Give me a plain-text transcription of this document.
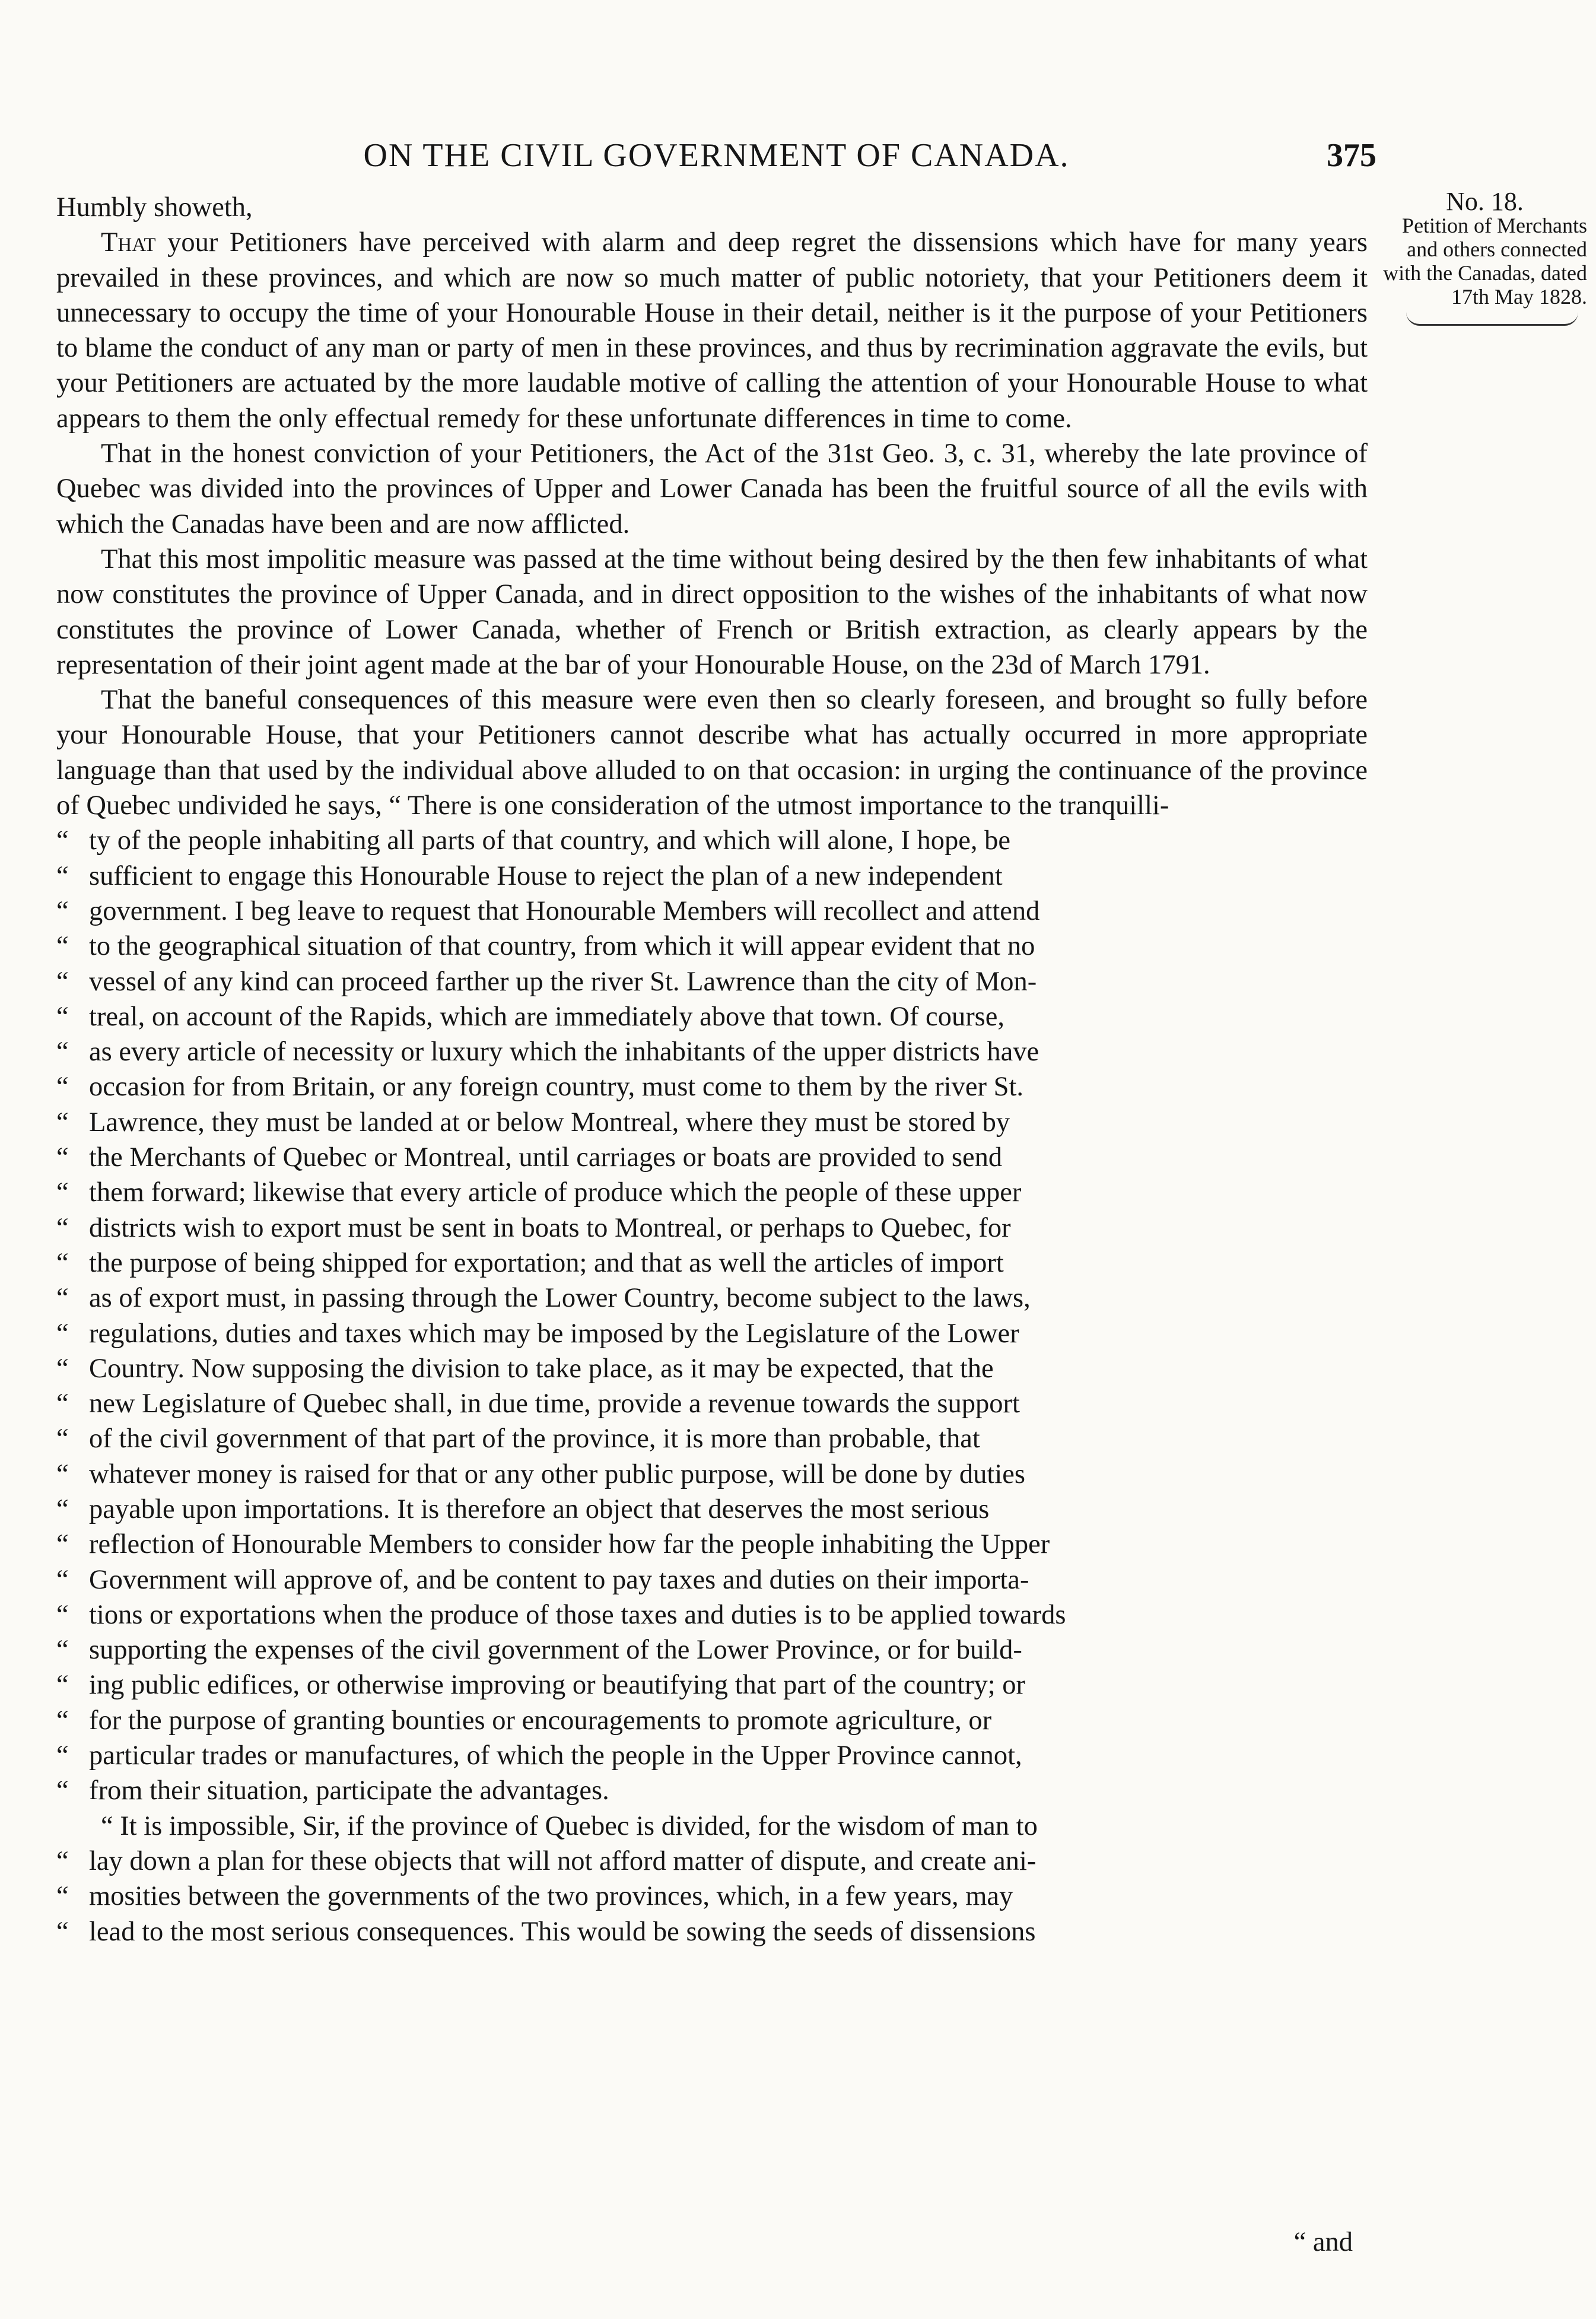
ON THE CIVIL GOVERNMENT OF CANADA.	375
No. 18.
Petition of Merchants and others connected with the Canadas, dated 17th May 1828.

Humbly showeth,

That your Petitioners have perceived with alarm and deep regret the dissensions which have for many years prevailed in these provinces, and which are now so much matter of public notoriety, that your Petitioners deem it unnecessary to occupy the time of your Honourable House in their detail, neither is it the purpose of your Petitioners to blame the conduct of any man or party of men in these provinces, and thus by recrimination aggravate the evils, but your Petitioners are actuated by the more laudable motive of calling the attention of your Honourable House to what appears to them the only effectual remedy for these unfortunate differences in time to come.

That in the honest conviction of your Petitioners, the Act of the 31st Geo. 3, c. 31, whereby the late province of Quebec was divided into the provinces of Upper and Lower Canada has been the fruitful source of all the evils with which the Canadas have been and are now afflicted.

That this most impolitic measure was passed at the time without being desired by the then few inhabitants of what now constitutes the province of Upper Canada, and in direct opposition to the wishes of the inhabitants of what now constitutes the province of Lower Canada, whether of French or British extraction, as clearly appears by the representation of their joint agent made at the bar of your Honourable House, on the 23d of March 1791.

That the baneful consequences of this measure were even then so clearly foreseen, and brought so fully before your Honourable House, that your Petitioners cannot describe what has actually occurred in more appropriate language than that used by the individual above alluded to on that occasion: in urging the continuance of the province of Quebec undivided he says, “ There is one consideration of the utmost importance to the tranquilli-

“ ty of the people inhabiting all parts of that country, and which will alone, I hope, be
“ sufficient to engage this Honourable House to reject the plan of a new independent
“ government. I beg leave to request that Honourable Members will recollect and attend
“ to the geographical situation of that country, from which it will appear evident that no
“ vessel of any kind can proceed farther up the river St. Lawrence than the city of Mon-
“ treal, on account of the Rapids, which are immediately above that town. Of course,
“ as every article of necessity or luxury which the inhabitants of the upper districts have
“ occasion for from Britain, or any foreign country, must come to them by the river St.
“ Lawrence, they must be landed at or below Montreal, where they must be stored by
“ the Merchants of Quebec or Montreal, until carriages or boats are provided to send
“ them forward; likewise that every article of produce which the people of these upper
“ districts wish to export must be sent in boats to Montreal, or perhaps to Quebec, for
“ the purpose of being shipped for exportation; and that as well the articles of import
“ as of export must, in passing through the Lower Country, become subject to the laws,
“ regulations, duties and taxes which may be imposed by the Legislature of the Lower
“ Country. Now supposing the division to take place, as it may be expected, that the
“ new Legislature of Quebec shall, in due time, provide a revenue towards the support
“ of the civil government of that part of the province, it is more than probable, that
“ whatever money is raised for that or any other public purpose, will be done by duties
“ payable upon importations. It is therefore an object that deserves the most serious
“ reflection of Honourable Members to consider how far the people inhabiting the Upper
“ Government will approve of, and be content to pay taxes and duties on their importa-
“ tions or exportations when the produce of those taxes and duties is to be applied towards
“ supporting the expenses of the civil government of the Lower Province, or for build-
“ ing public edifices, or otherwise improving or beautifying that part of the country; or
“ for the purpose of granting bounties or encouragements to promote agriculture, or
“ particular trades or manufactures, of which the people in the Upper Province cannot,
“ from their situation, participate the advantages.

“ It is impossible, Sir, if the province of Quebec is divided, for the wisdom of man to

“ lay down a plan for these objects that will not afford matter of dispute, and create ani-
“ mosities between the governments of the two provinces, which, in a few years, may
“ lead to the most serious consequences. This would be sowing the seeds of dissensions
“ and
